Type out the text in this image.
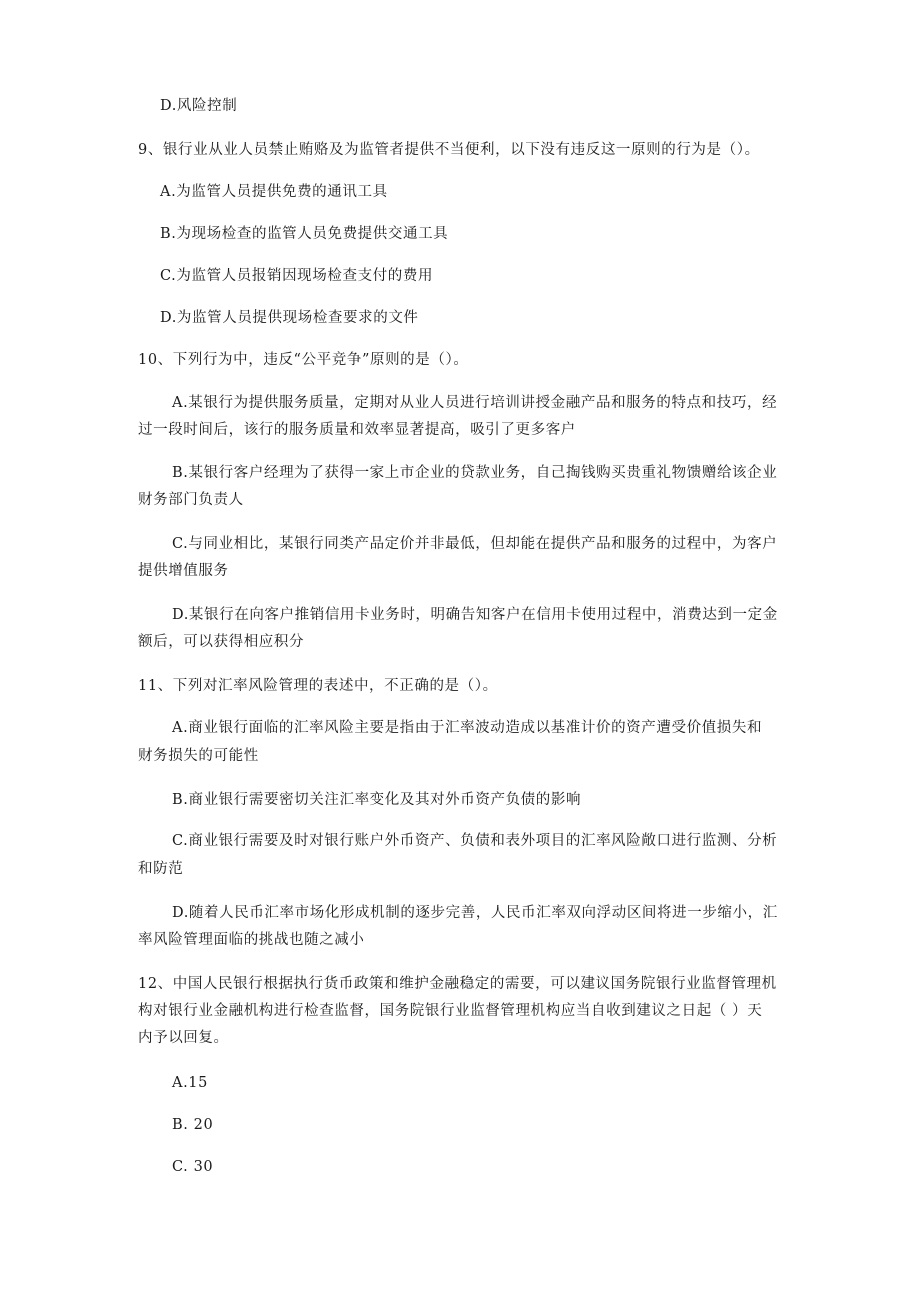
D.风险控制
9、银行业从业人员禁止贿赂及为监管者提供不当便利，以下没有违反这一原则的行为是（）。
A.为监管人员提供免费的通讯工具
B.为现场检查的监管人员免费提供交通工具
C.为监管人员报销因现场检查支付的费用
D.为监管人员提供现场检查要求的文件
10、下列行为中，违反“公平竞争”原则的是（）。
A.某银行为提供服务质量，定期对从业人员进行培训讲授金融产品和服务的特点和技巧，经
过一段时间后，该行的服务质量和效率显著提高，吸引了更多客户
B.某银行客户经理为了获得一家上市企业的贷款业务，自己掏钱购买贵重礼物馈赠给该企业
财务部门负责人
C.与同业相比，某银行同类产品定价并非最低，但却能在提供产品和服务的过程中，为客户
提供增值服务
D.某银行在向客户推销信用卡业务时，明确告知客户在信用卡使用过程中，消费达到一定金
额后，可以获得相应积分
11、下列对汇率风险管理的表述中，不正确的是（）。
A.商业银行面临的汇率风险主要是指由于汇率波动造成以基准计价的资产遭受价值损失和
财务损失的可能性
B.商业银行需要密切关注汇率变化及其对外币资产负债的影响
C.商业银行需要及时对银行账户外币资产、负债和表外项目的汇率风险敞口进行监测、分析
和防范
D.随着人民币汇率市场化形成机制的逐步完善，人民币汇率双向浮动区间将进一步缩小，汇
率风险管理面临的挑战也随之减小
12、中国人民银行根据执行货币政策和维护金融稳定的需要，可以建议国务院银行业监督管理机
构对银行业金融机构进行检查监督，国务院银行业监督管理机构应当自收到建议之日起（ ）天
内予以回复。
A.15
B. 20
C. 30
